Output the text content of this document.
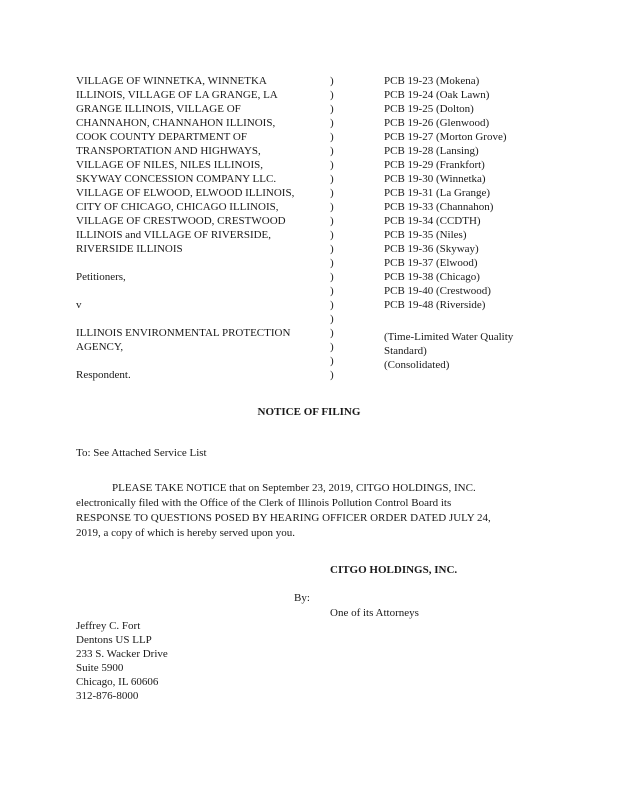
VILLAGE OF WINNETKA, WINNETKA
ILLINOIS, VILLAGE OF LA GRANGE, LA
GRANGE ILLINOIS, VILLAGE OF
CHANNAHON, CHANNAHON ILLINOIS,
COOK COUNTY DEPARTMENT OF
TRANSPORTATION AND HIGHWAYS,
VILLAGE OF NILES, NILES ILLINOIS,
SKYWAY CONCESSION COMPANY LLC.
VILLAGE OF ELWOOD, ELWOOD ILLINOIS,
CITY OF CHICAGO, CHICAGO ILLINOIS,
VILLAGE OF CRESTWOOD, CRESTWOOD
ILLINOIS and VILLAGE OF RIVERSIDE,
RIVERSIDE ILLINOIS
Petitioners,
v
ILLINOIS ENVIRONMENTAL PROTECTION
AGENCY,
Respondent.
)
)
)
)
)
)
)
)
)
)
)
)
)
)
)
)
)
)
)
)
)
)
PCB 19-23 (Mokena)
PCB 19-24 (Oak Lawn)
PCB 19-25 (Dolton)
PCB 19-26 (Glenwood)
PCB 19-27 (Morton Grove)
PCB 19-28 (Lansing)
PCB 19-29 (Frankfort)
PCB 19-30 (Winnetka)
PCB 19-31 (La Grange)
PCB 19-33 (Channahon)
PCB 19-34 (CCDTH)
PCB 19-35 (Niles)
PCB 19-36 (Skyway)
PCB 19-37 (Elwood)
PCB 19-38 (Chicago)
PCB 19-40 (Crestwood)
PCB 19-48 (Riverside)
(Time-Limited Water Quality
Standard)
(Consolidated)
NOTICE OF FILING
To: See Attached Service List
PLEASE TAKE NOTICE that on September 23, 2019, CITGO HOLDINGS, INC.
electronically filed with the Office of the Clerk of Illinois Pollution Control Board its
RESPONSE TO QUESTIONS POSED BY HEARING OFFICER ORDER DATED JULY 24,
2019, a copy of which is hereby served upon you.
CITGO HOLDINGS, INC.
By:
One of its Attorneys
Jeffrey C. Fort
Dentons US LLP
233 S. Wacker Drive
Suite 5900
Chicago, IL 60606
312-876-8000
